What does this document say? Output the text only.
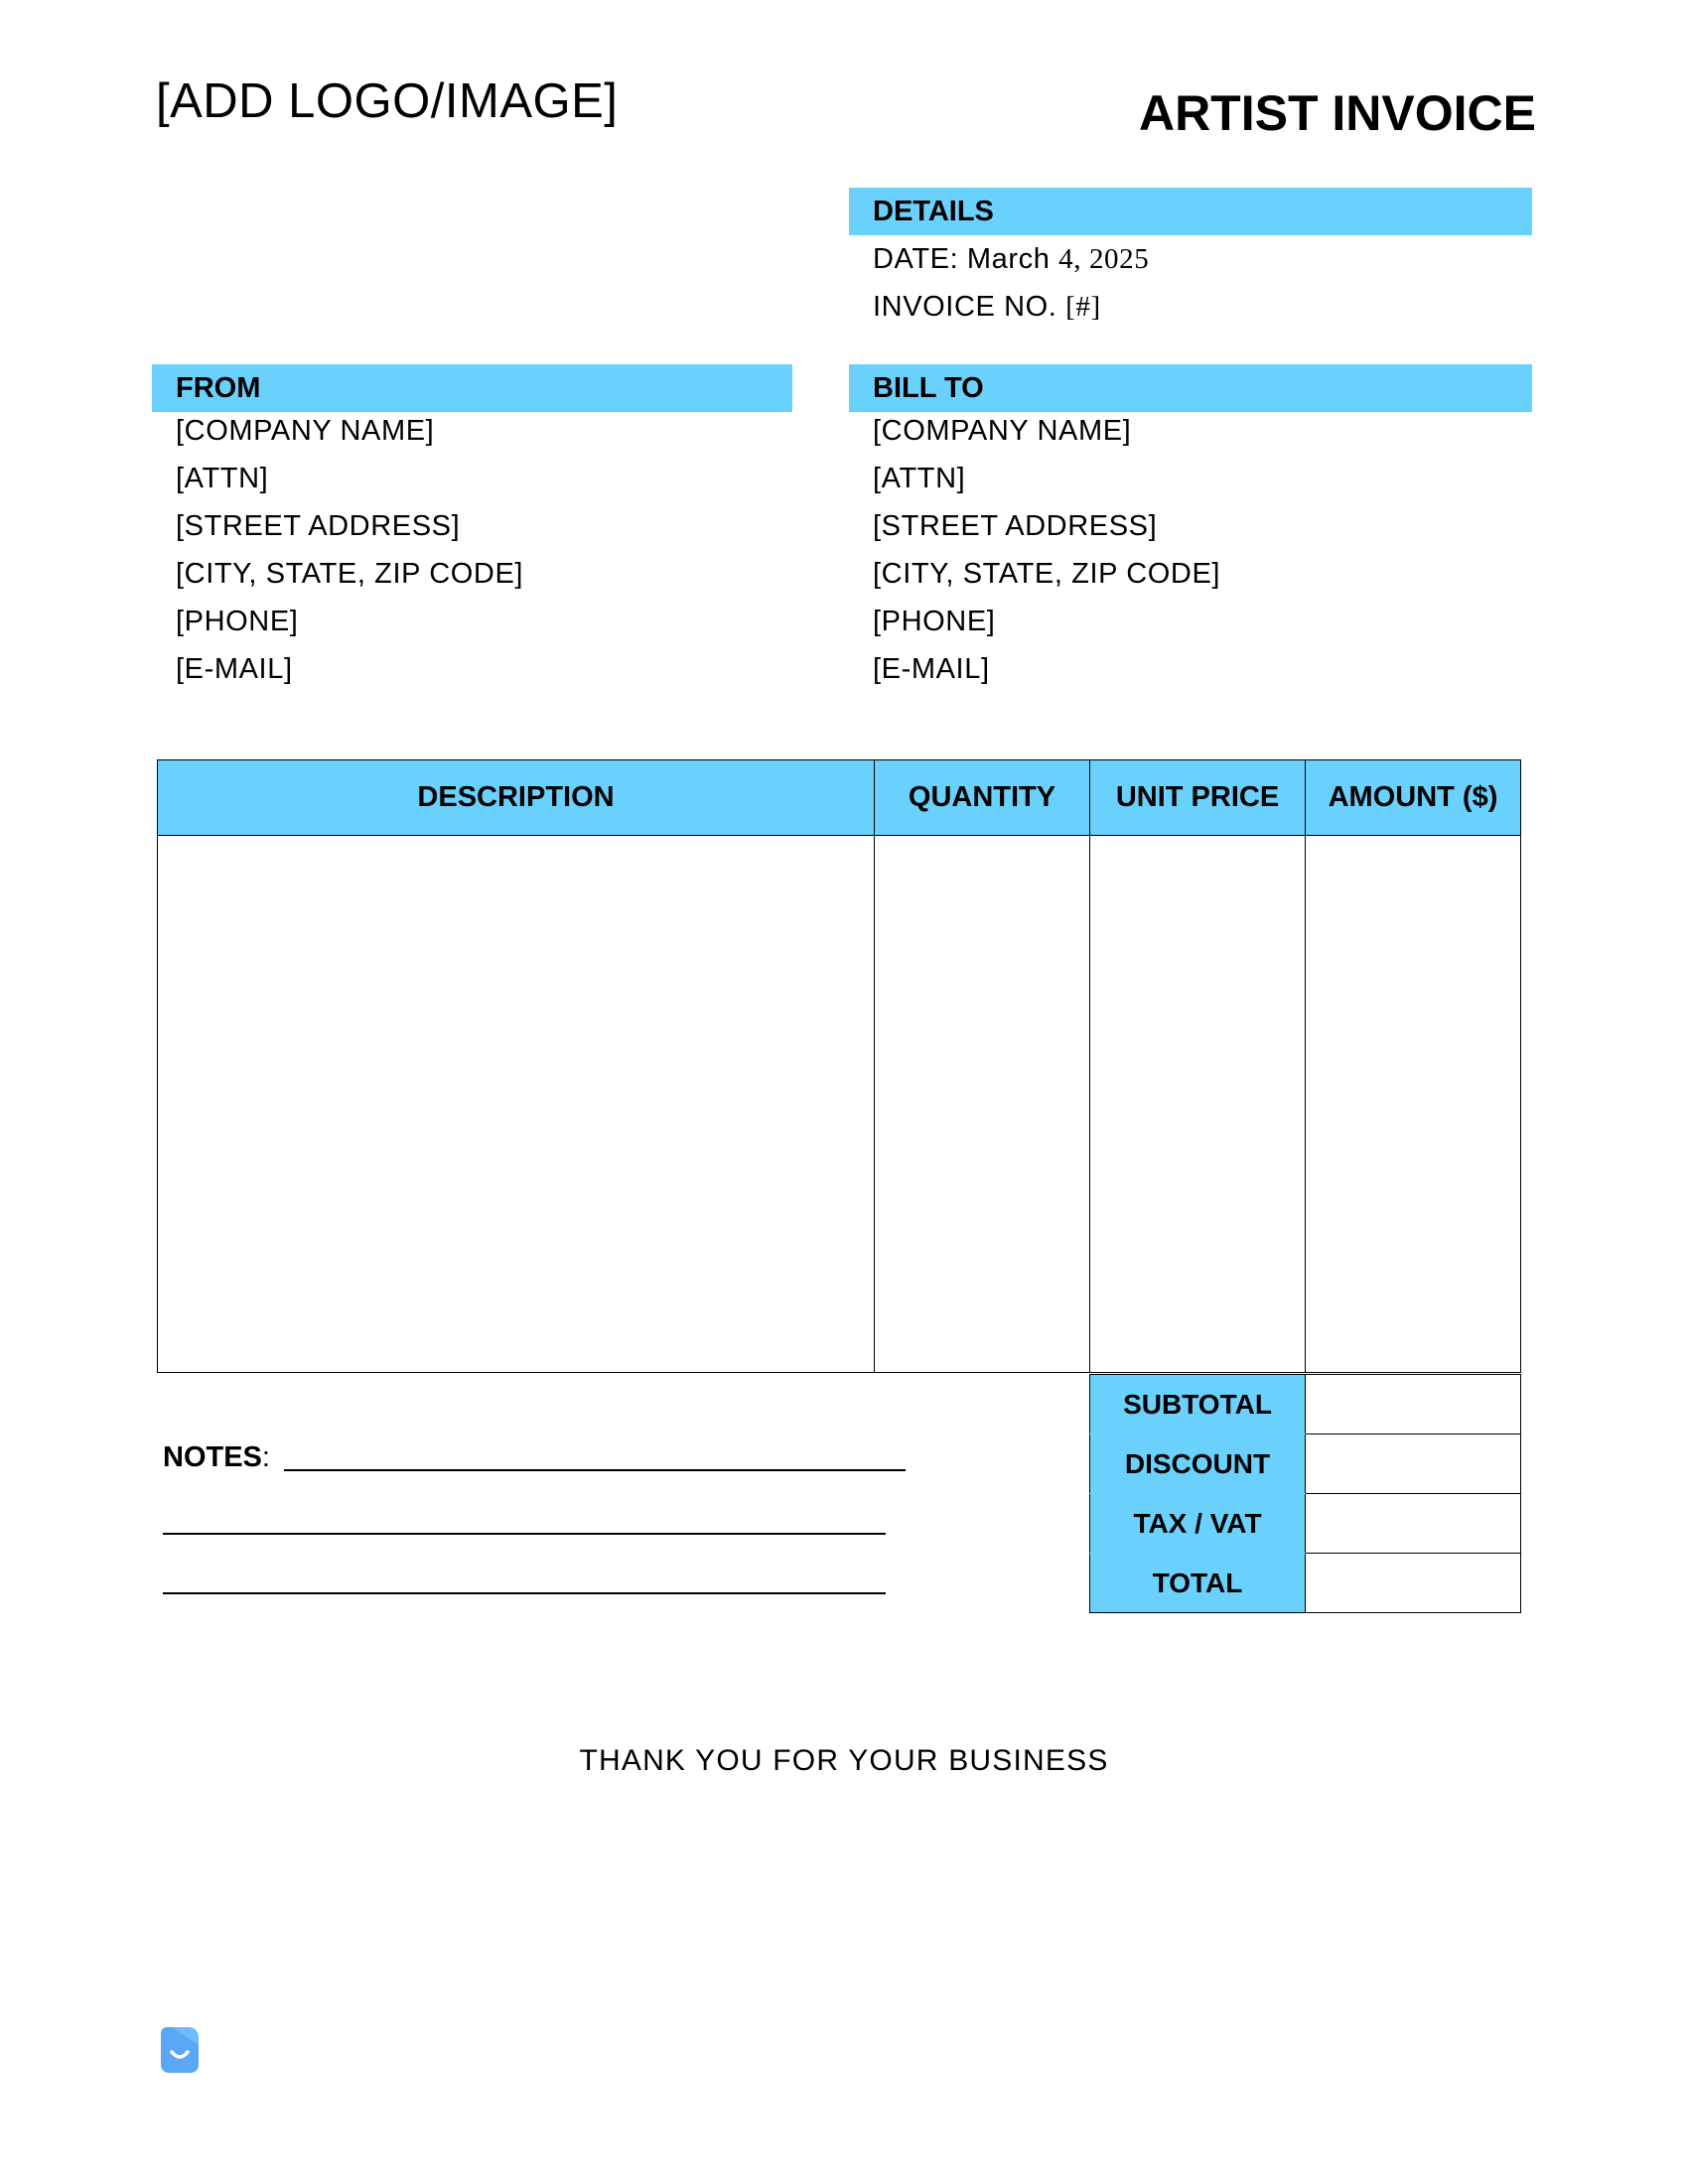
[ADD LOGO/IMAGE]	ARTIST INVOICE
DETAILS
DATE: March 4, 2025
INVOICE NO. [#]
FROM
[COMPANY NAME]
[ATTN]
[STREET ADDRESS]
[CITY, STATE, ZIP CODE]
[PHONE]
[E-MAIL]
BILL TO
[COMPANY NAME]
[ATTN]
[STREET ADDRESS]
[CITY, STATE, ZIP CODE]
[PHONE]
[E-MAIL]
DESCRIPTION	QUANTITY	UNIT PRICE	AMOUNT ($)

SUBTOTAL	
DISCOUNT	
TAX / VAT	
TOTAL	
NOTES:
THANK YOU FOR YOUR BUSINESS
